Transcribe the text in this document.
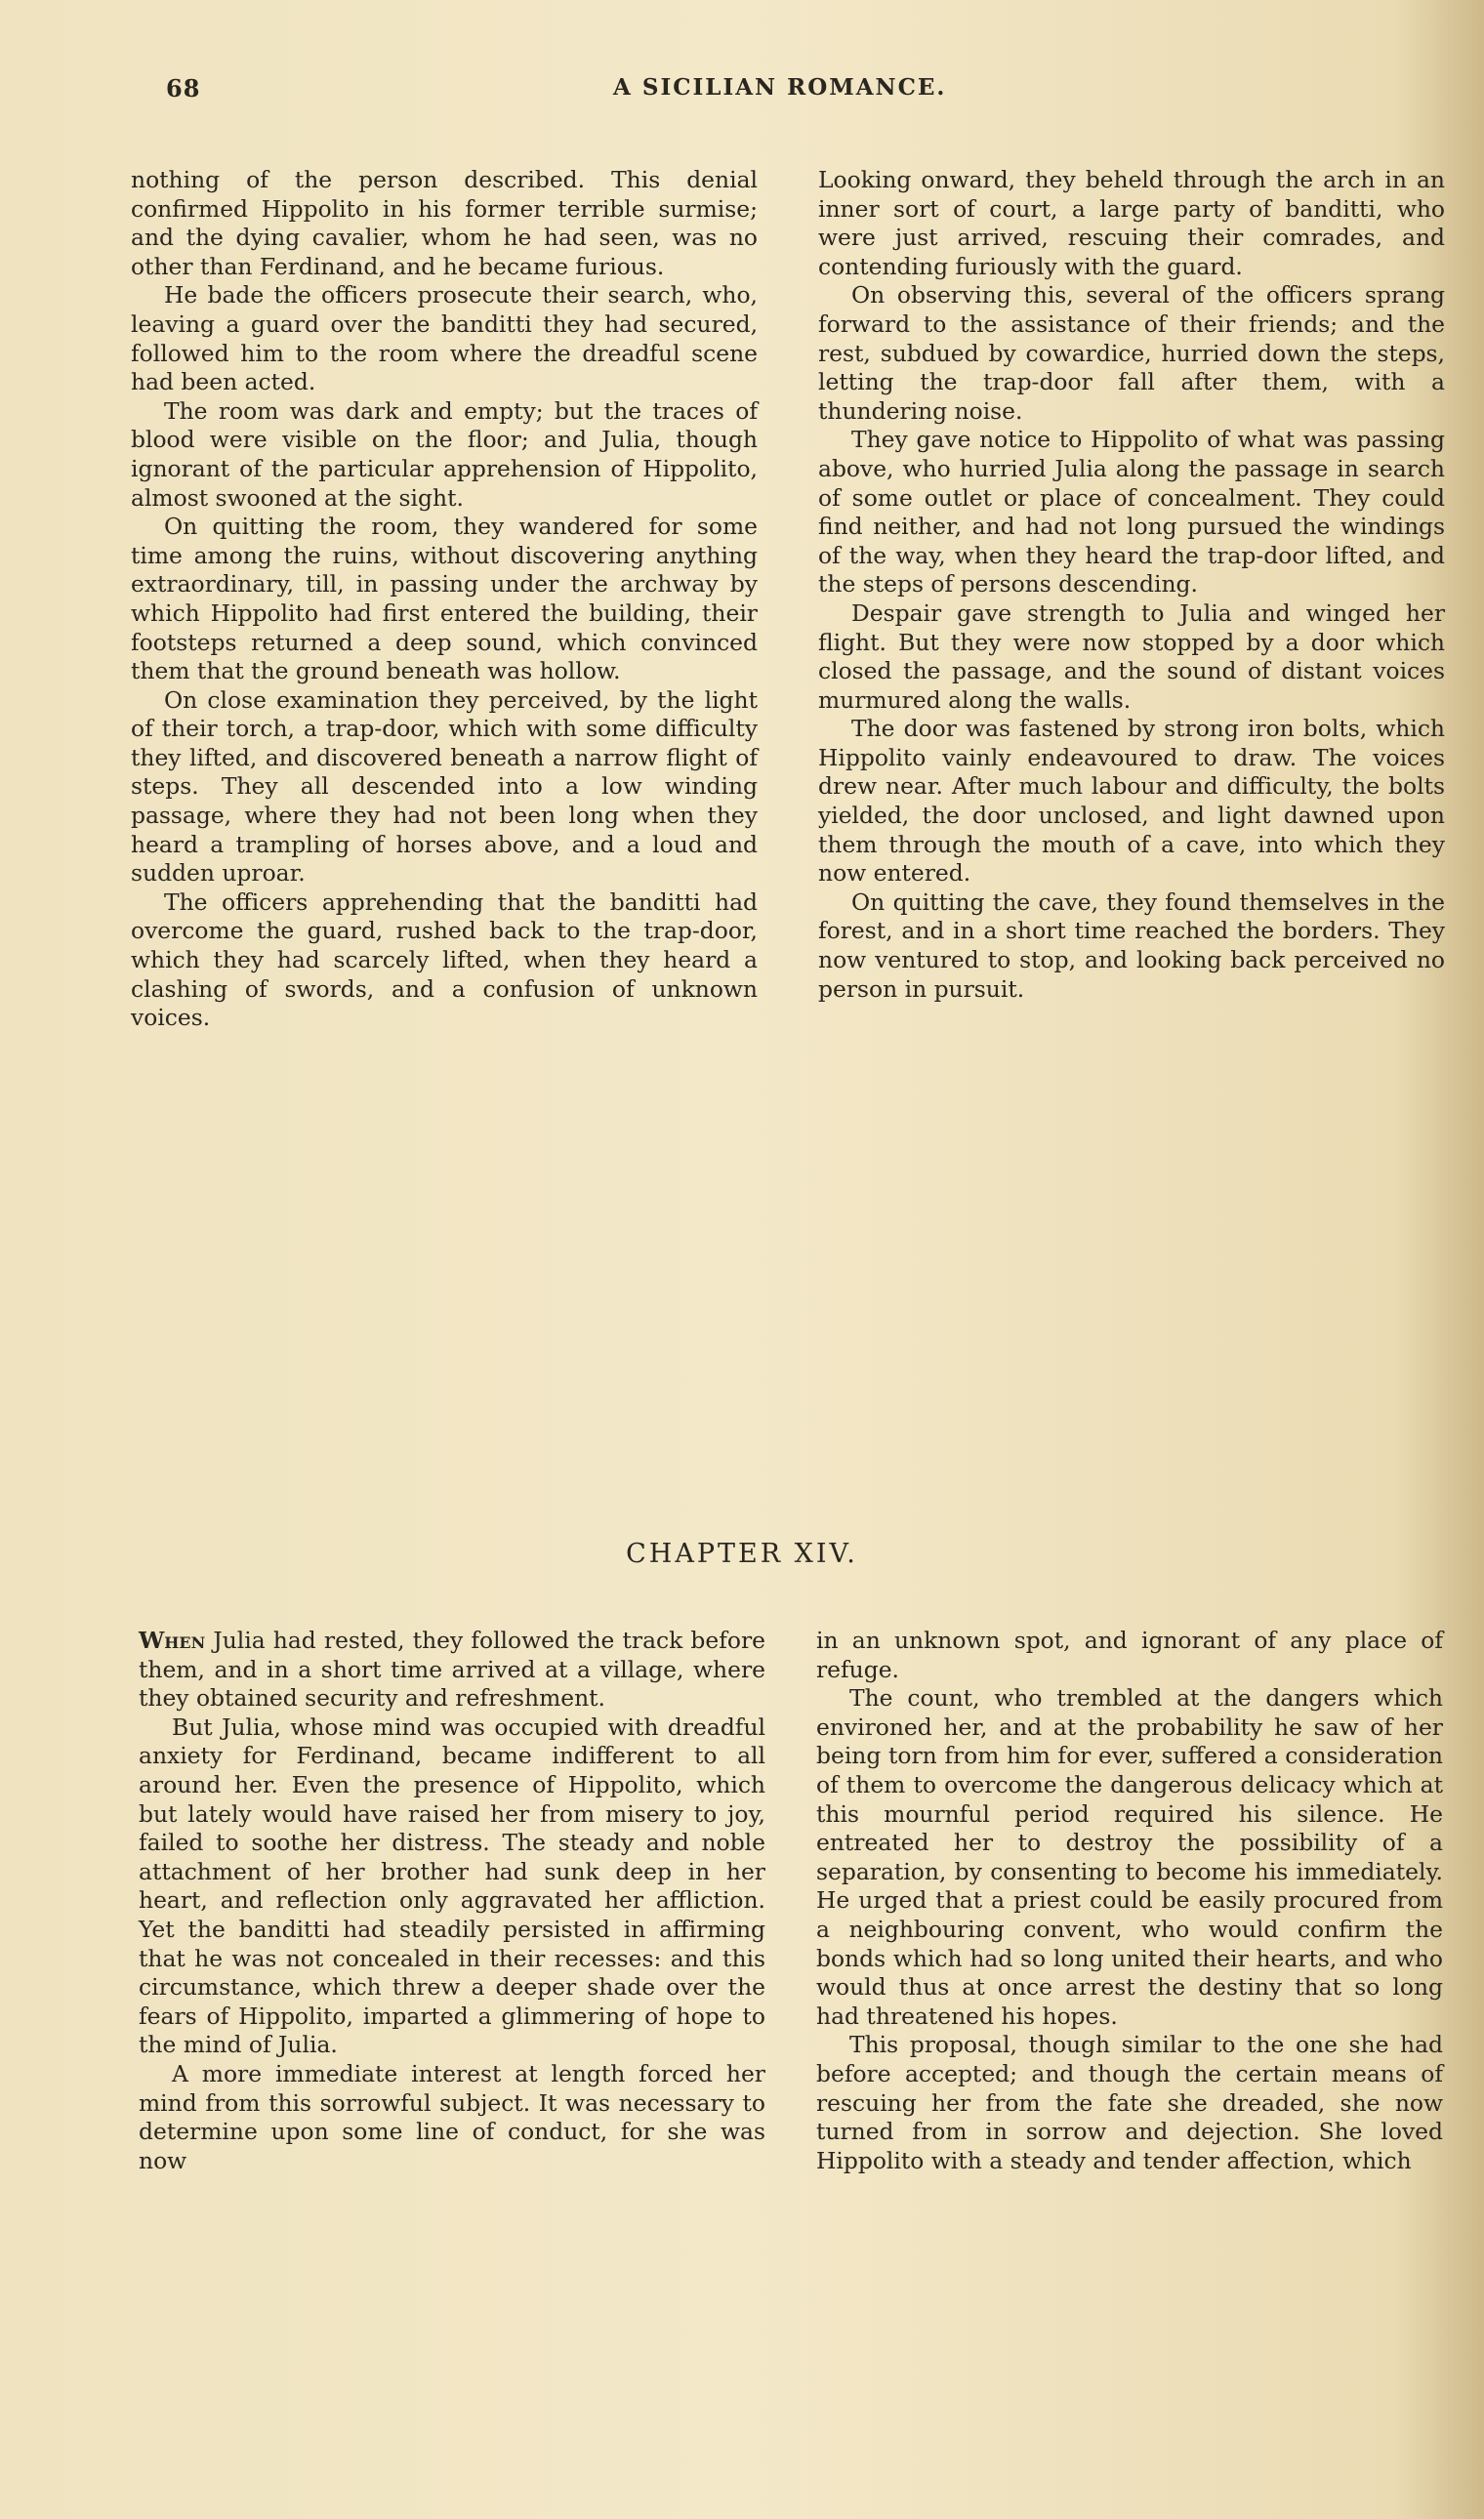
68	A SICILIAN ROMANCE.

nothing of the person described. This denial confirmed Hippolito in his former terrible surmise; and the dying cavalier, whom he had seen, was no other than Ferdinand, and he became furious.

He bade the officers prosecute their search, who, leaving a guard over the banditti they had secured, followed him to the room where the dreadful scene had been acted.

The room was dark and empty; but the traces of blood were visible on the floor; and Julia, though ignorant of the particular apprehension of Hippolito, almost swooned at the sight.

On quitting the room, they wandered for some time among the ruins, without discovering anything extraordinary, till, in passing under the archway by which Hippolito had first entered the building, their footsteps returned a deep sound, which convinced them that the ground beneath was hollow.

On close examination they perceived, by the light of their torch, a trap-door, which with some difficulty they lifted, and discovered beneath a narrow flight of steps. They all descended into a low winding passage, where they had not been long when they heard a trampling of horses above, and a loud and sudden uproar.

The officers apprehending that the banditti had overcome the guard, rushed back to the trap-door, which they had scarcely lifted, when they heard a clashing of swords, and a confusion of unknown voices.

Looking onward, they beheld through the arch in an inner sort of court, a large party of banditti, who were just arrived, rescuing their comrades, and contending furiously with the guard.

On observing this, several of the officers sprang forward to the assistance of their friends; and the rest, subdued by cowardice, hurried down the steps, letting the trap-door fall after them, with a thundering noise.

They gave notice to Hippolito of what was passing above, who hurried Julia along the passage in search of some outlet or place of concealment. They could find neither, and had not long pursued the windings of the way, when they heard the trap-door lifted, and the steps of persons descending.

Despair gave strength to Julia and winged her flight. But they were now stopped by a door which closed the passage, and the sound of distant voices murmured along the walls.

The door was fastened by strong iron bolts, which Hippolito vainly endeavoured to draw. The voices drew near. After much labour and difficulty, the bolts yielded, the door unclosed, and light dawned upon them through the mouth of a cave, into which they now entered.

On quitting the cave, they found themselves in the forest, and in a short time reached the borders. They now ventured to stop, and looking back perceived no person in pursuit.

CHAPTER XIV.

When Julia had rested, they followed the track before them, and in a short time arrived at a village, where they obtained security and refreshment.

But Julia, whose mind was occupied with dreadful anxiety for Ferdinand, became indifferent to all around her. Even the presence of Hippolito, which but lately would have raised her from misery to joy, failed to soothe her distress. The steady and noble attachment of her brother had sunk deep in her heart, and reflection only aggravated her affliction. Yet the banditti had steadily persisted in affirming that he was not concealed in their recesses: and this circumstance, which threw a deeper shade over the fears of Hippolito, imparted a glimmering of hope to the mind of Julia.

A more immediate interest at length forced her mind from this sorrowful subject. It was necessary to determine upon some line of conduct, for she was now

in an unknown spot, and ignorant of any place of refuge.

The count, who trembled at the dangers which environed her, and at the probability he saw of her being torn from him for ever, suffered a consideration of them to overcome the dangerous delicacy which at this mournful period required his silence. He entreated her to destroy the possibility of a separation, by consenting to become his immediately. He urged that a priest could be easily procured from a neighbouring convent, who would confirm the bonds which had so long united their hearts, and who would thus at once arrest the destiny that so long had threatened his hopes.

This proposal, though similar to the one she had before accepted; and though the certain means of rescuing her from the fate she dreaded, she now turned from in sorrow and dejection. She loved Hippolito with a steady and tender affection, which
